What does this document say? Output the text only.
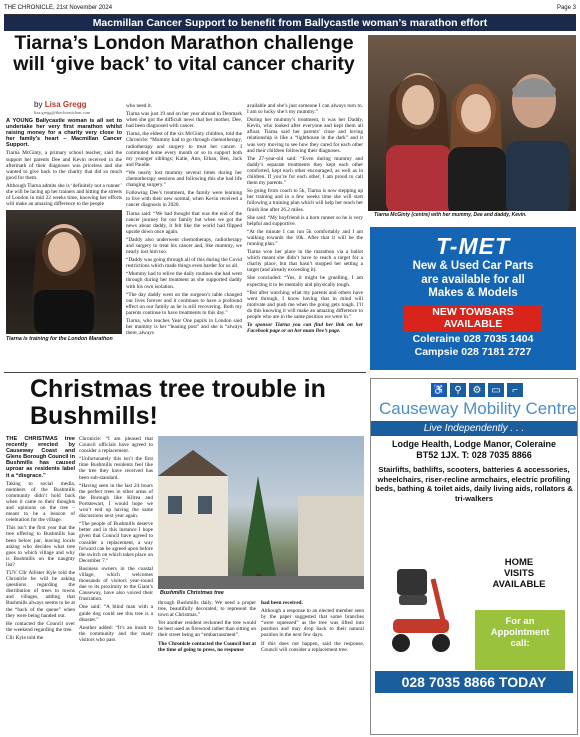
THE CHRONICLE, 21st November 2024	Page 3
Macmillan Cancer Support to benefit from Ballycastle woman’s marathon effort
Tiarna’s London Marathon challenge will ‘give back’ to vital cancer charity
by Lisa Gregg
lisa.gregg@thechronicleni.com

A YOUNG Ballycastle woman is all set to undertake her very first marathon whilst raising money for a charity very close to her family’s heart – Macmillan Cancer Support.

Tiarna McGinty, a primary school teacher, said the support her parents Dee and Kevin received in the aftermath of their diagnoses was priceless and she wanted to give back to the charity that did so much good for them.

Although Tiarna admits she is ‘definitely not a runner’ she will be lacing up her trainers and hitting the streets of London in mid 22 weeks time, knowing her efforts will make an amazing difference to the people

Tiarna is training for the London Marathon

who need it.

Tiarna was just 19 and on her year abroad in Denmark when she got the difficult news that her mother, Dee, had been diagnosed with cancer.

Tiarna, the eldest of the six McGinty children, told the Chronicle: “Mummy had to go through chemotherapy, radiotherapy and surgery to treat her cancer. I commuted home every month or so to support both my younger siblings; Katie, Ann, Ethan, Ben, Jack and Paudie.

“We nearly lost mummy several times during her chemotherapy sessions and following this she had life changing surgery.”

Following Dee’s treatment, the family were learning to live with their new normal, when Kevin received a cancer diagnosis in 2020.

Tiarna said: “We had thought that was the end of the cancer journey for our family but when we got the news about daddy, it felt like the world had flipped upside down once again.

“Daddy also underwent chemotherapy, radiotherapy and surgery to treat his cancer and, like mummy, we nearly lost him too.

“Daddy was going through all of this during the Covid restrictions which made things even harder for us all.

“Mummy had to relive the daily routines she had went through during her treatment as she supported daddy with his own isolation.

“The day daddy went on the surgeon’s table changed our lives forever and it continues to have a profound effect on our family as he is still recovering. Both my parents continue to have treatments to this day.”

Tiarna, who teaches Year One pupils in London said her mummy is her “leaning post” and she is “always there, always

available and she’s just someone I can always turn to. I am so lucky she’s my mummy.”

During her mummy’s treatment, it was her Daddy, Kevin, who looked after everyone and kept them all afloat. Tiarna said her parents’ close and loving relationship is like a “lighthouse in the dark” and it was very moving to see how they cared for each other and their children following their diagnoses.

The 27-year-old said: “Even during mummy and daddy’s separate treatments they kept each other comforted, kept each other encouraged, as well as in children. If you’re for each other, I am proud to call them my parents.”

So going from coach to 5k, Tiarna is now stepping up her training and in a few weeks time she will start following a training plan which will help her reach her finish line after 26.2 miles.

She said: “My boyfriend is a born runner so he is very helpful and supportive.

“At the minute I can run 5k comfortably and I am walking towards the 10k. After that it will be the running plan.”

Tiarna won her place in the marathon via a ballot which meant she didn’t have to reach a target for a charity place, but that hasn’t stopped her setting a target (and already exceeding it).

She concluded: “Yes, it might be gruelling, I am expecting it to be mentally and physically tough.

“But after watching what my parents and others have went through, I know having that in mind will motivate and push me when the going gets tough. I’ll do this knowing it will make an amazing difference to people who are in the same position we were in.”

To sponsor Tiarna you can find her link on her Facebook page or on her mum Dee’s page.

Tiarna McGinty (centre) with her mummy, Dee and daddy, Kevin.
T-MET
New & Used Car Parts
are available for all
Makes & Models
NEW TOWBARS
AVAILABLE
Coleraine 028 7035 1404
Campsie 028 7181 2727
Christmas tree trouble in Bushmills!

THE CHRISTMAS tree recently erected by Causeway Coast and Glens Borough Council in Bushmills has caused uproar as residents label it a “disgrace.”

Taking to social media, members of the Bushmills community didn’t hold back when it came to their thoughts and opinions on the tree – meant to be a beacon of celebration for the village.

This isn’t the first year that the tree offering to Bushmills has been below par, leaving locals asking who decides what tree goes to which village and why is Bushmills on the naughty list?

TUV Cllr Allister Kyle told the Chronicle he will be asking questions regarding the distribution of trees to towns and villages, adding that Bushmills always seems to be at the “back of the queue” when they were being handed out.

He contacted the Council over the weekend regarding the tree.

Cllr Kyle told the

Chronicle: “I am pleased that Council officials have agreed to consider a replacement.

“Unfortunately this isn’t the first time Bushmills residents feel like the tree they have received has been sub-standard.

“Having seen in the last 24 hours the perfect trees in other areas of the Borough like Kilrea and Portstewart, I would hope we won’t end up having the same discussions next year again.

“The people of Bushmills deserve better and in this instance I hope given that Council have agreed to consider a replacement, a way forward can be agreed upon before the switch on which takes place on December 7.”

Business owners in the coastal village, which welcomes thousands of visitors year-round due to its proximity to the Giant’s Causeway, have also voiced their frustration.

One said: “A blind man with a guide dog could see this tree is a disaster.”

Another added: “It’s an insult to the community and the many visitors who pass

Bushmills Christmas tree

through Bushmills daily. We need a proper tree, beautifully decorated, to represent the town at Christmas.”

Yet another resident reckoned the tree would be best used as firewood rather than sitting on their street being an “embarrassment”.

The Chronicle contacted the Council but at the time of going to press, no response

had been received.

Although a response to an elected member seen by the paper suggested that some branches “were squeezed” as the tree was lifted into position and may drop back to their natural position in the next few days.

If this does not happen, said the response, Council will consider a replacement tree.

♿ ⚲	⚙ ▭	⌐
Causeway Mobility Centre
Live Independently . . .
Lodge Health, Lodge Manor, Coleraine
BT52 1JX. T: 028 7035 8866
Stairlifts, bathlifts, scooters, batteries & accessories, wheelchairs, riser-recline armchairs, electric profiling beds, bathing & toilet aids, daily living aids, rollators & tri-walkers
HOME
VISITS
AVAILABLE
For an
Appointment
call:
028 7035 8866 TODAY
